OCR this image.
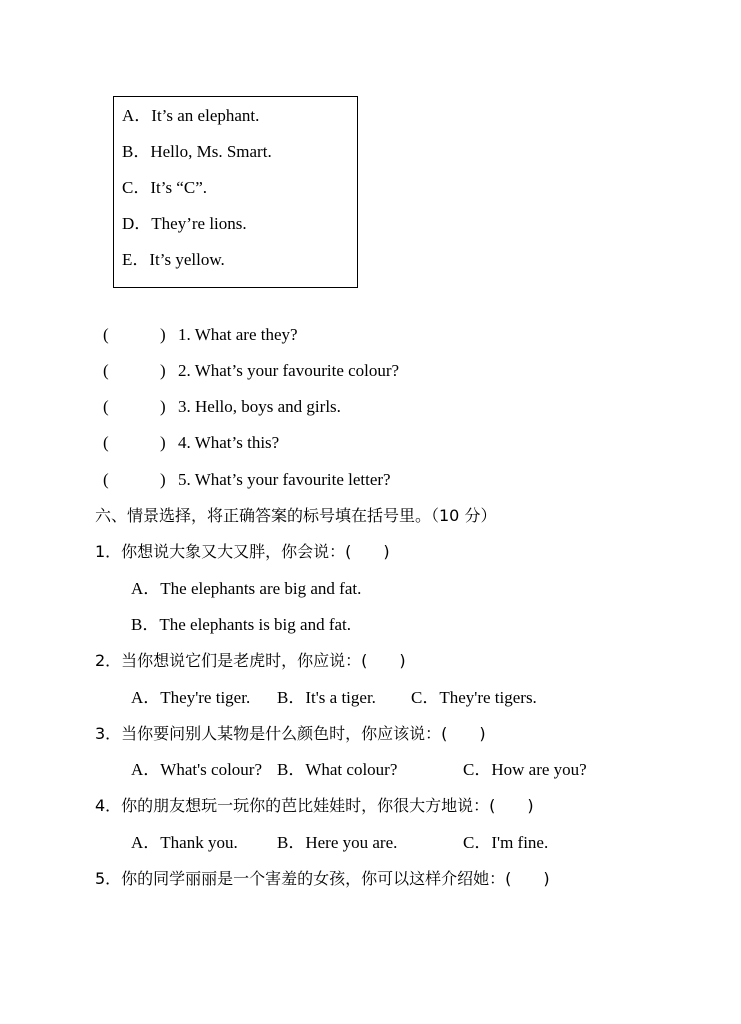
A．It’s an elephant.
B．Hello, Ms. Smart.
C．It’s “C”.
D．They’re lions.
E．It’s yellow.
(	) 1. What are they?
(	) 2. What’s your favourite colour?
(	) 3. Hello, boys and girls.
(	) 4. What’s this?
(	) 5. What’s your favourite letter?
六、情景选择，将正确答案的标号填在括号里。（10 分）
1．你想说大象又大又胖，你会说：(　　)
A．The elephants are big and fat.
B．The elephants is big and fat.
2．当你想说它们是老虎时，你应说：(　　)
A．They're tiger. B．It's a tiger. C．They're tigers.
3．当你要问别人某物是什么颜色时，你应该说：(　　)
A．What's colour? B．What colour?	C．How are you?
4．你的朋友想玩一玩你的芭比娃娃时，你很大方地说：(　　)
A．Thank you. B．Here you are.	C．I'm fine.
5．你的同学丽丽是一个害羞的女孩，你可以这样介绍她：(　　)
